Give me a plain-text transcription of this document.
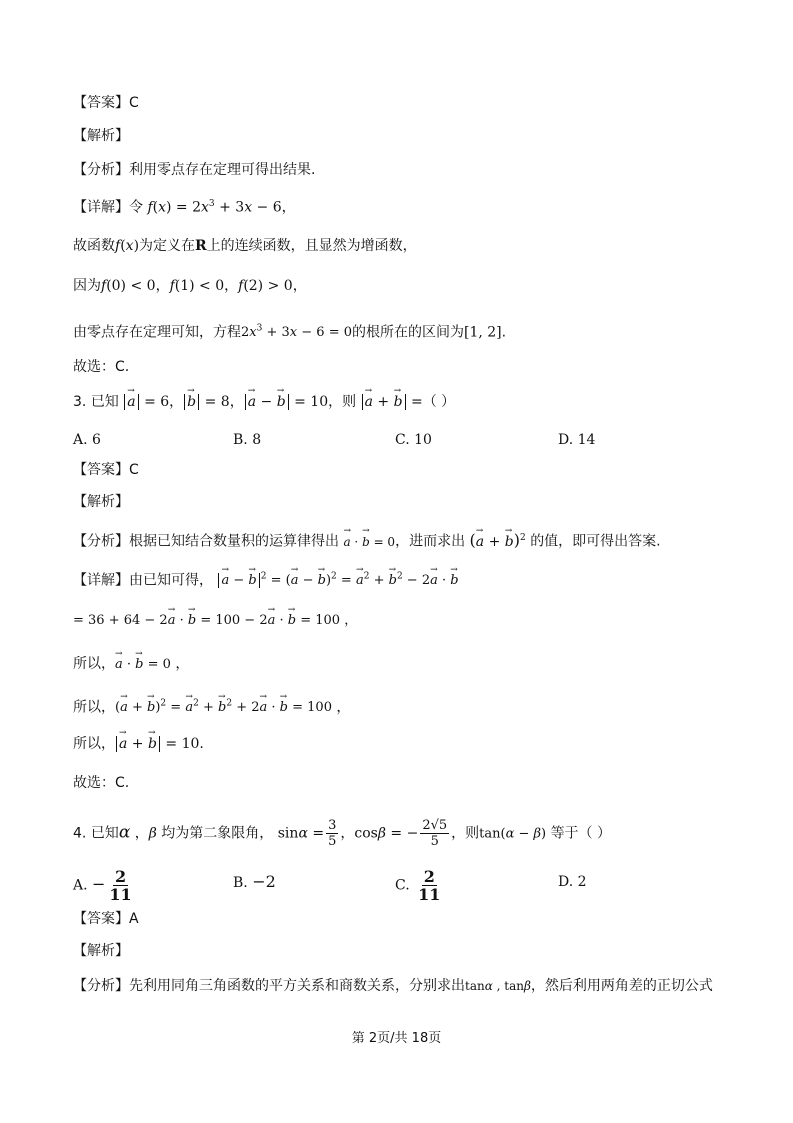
【答案】C
【解析】
【分析】利用零点存在定理可得出结果.
【详解】令 $f(x) = 2x^3 + 3x - 6$，
故函数f(x)为定义在R上的连续函数，且显然为增函数，
因为f(0) < 0，f(1) < 0，f(2) > 0，
由零点存在定理可知，方程$2x^3 + 3x - 6 = 0$的根所在的区间为[1, 2].
故选：C.
3. 已知 → a = 6， → b = 8， → a − → b = 10，则 → a + → b =（ ）
A. 6	B. 8	C. 10	D. 14
【答案】C
【解析】
【分析】根据已知结合数量积的运算律得出 → a · → b = 0，进而求出 (→ a + → b)$^2$ 的值，即可得出答案.
【详解】由已知可得， → a − → b $^2$ = (→ a − → b)$^2$ = → $a^2$ + → $b^2 - 2\to a$ · → b
= 36 + 64 − 2→ a · → b = 100 − 2→ a · → b = 100 ，
所以，→ a · → b = 0 ，
所以，(→ a + → b)$^2$ = → $a^2$ + → $b^2 + 2\to a$ · → b = 100 ，
所以， → a + → b = 10.
故选：C.
4. 已知α ，β 均为第二象限角， $\sin\alpha = \frac{3}{5}$ ，cosβ = − $\frac{2√5}{5}$ ，则tan(α − β) 等于（ ）
A. − $\frac{2}{11}$	B. −2	C. $\frac{2}{11}$	D. 2
【答案】A
【解析】
【分析】先利用同角三角函数的平方关系和商数关系，分别求出tanα , tanβ，然后利用两角差的正切公式
第 2页/共 18页
